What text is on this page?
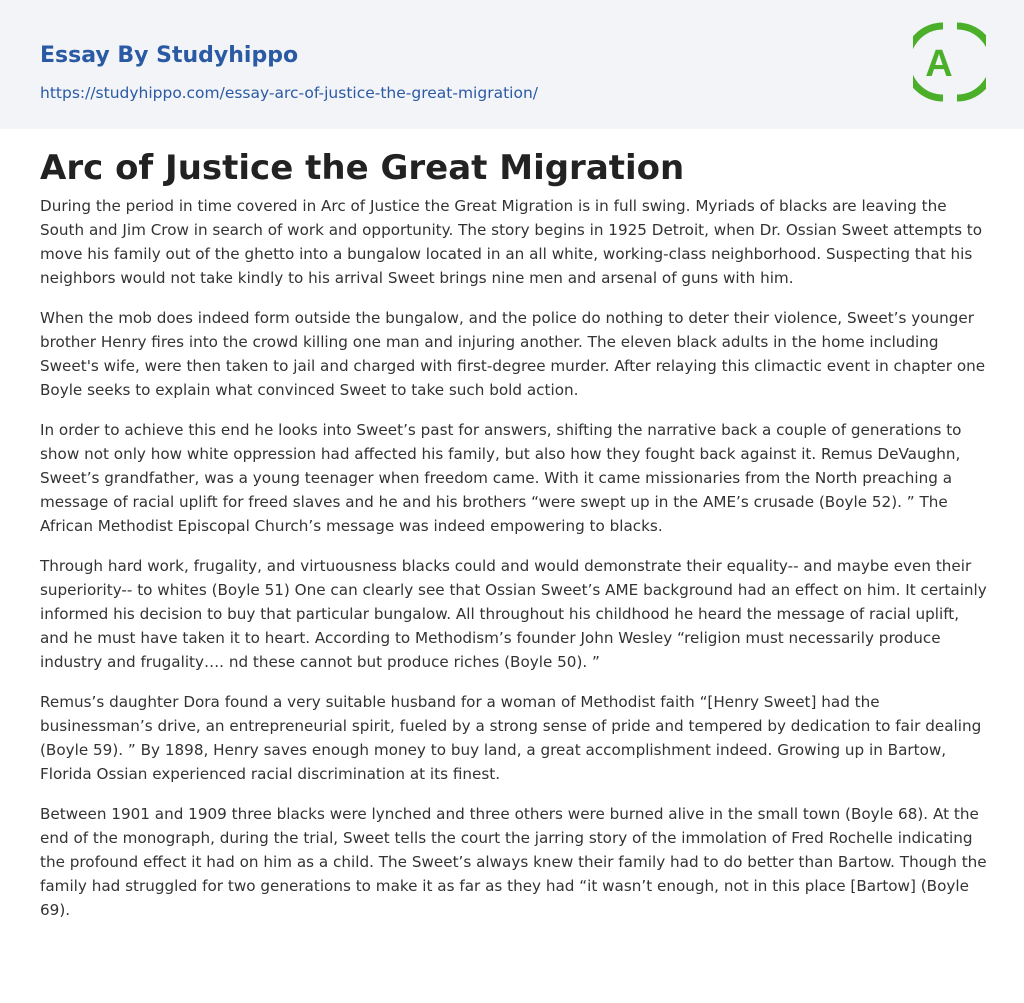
Essay By Studyhippo
https://studyhippo.com/essay-arc-of-justice-the-great-migration/
A
Arc of Justice the Great Migration

During the period in time covered in Arc of Justice the Great Migration is in full swing. Myriads of blacks are leaving the South and Jim Crow in search of work and opportunity. The story begins in 1925 Detroit, when Dr. Ossian Sweet attempts to move his family out of the ghetto into a bungalow located in an all white, working-class neighborhood. Suspecting that his neighbors would not take kindly to his arrival Sweet brings nine men and arsenal of guns with him.

When the mob does indeed form outside the bungalow, and the police do nothing to deter their violence, Sweet’s younger brother Henry fires into the crowd killing one man and injuring another. The eleven black adults in the home including Sweet's wife, were then taken to jail and charged with first-degree murder. After relaying this climactic event in chapter one Boyle seeks to explain what convinced Sweet to take such bold action.

In order to achieve this end he looks into Sweet’s past for answers, shifting the narrative back a couple of generations to show not only how white oppression had affected his family, but also how they fought back against it. Remus DeVaughn, Sweet’s grandfather, was a young teenager when freedom came. With it came missionaries from the North preaching a message of racial uplift for freed slaves and he and his brothers “were swept up in the AME’s crusade (Boyle 52). ” The African Methodist Episcopal Church’s message was indeed empowering to blacks.

Through hard work, frugality, and virtuousness blacks could and would demonstrate their equality-- and maybe even their superiority-- to whites (Boyle 51) One can clearly see that Ossian Sweet’s AME background had an effect on him. It certainly informed his decision to buy that particular bungalow. All throughout his childhood he heard the message of racial uplift, and he must have taken it to heart. According to Methodism’s founder John Wesley “religion must necessarily produce industry and frugality…. nd these cannot but produce riches (Boyle 50). ”

Remus’s daughter Dora found a very suitable husband for a woman of Methodist faith “[Henry Sweet] had the businessman’s drive, an entrepreneurial spirit, fueled by a strong sense of pride and tempered by dedication to fair dealing (Boyle 59). ” By 1898, Henry saves enough money to buy land, a great accomplishment indeed. Growing up in Bartow, Florida Ossian experienced racial discrimination at its finest.

Between 1901 and 1909 three blacks were lynched and three others were burned alive in the small town (Boyle 68). At the end of the monograph, during the trial, Sweet tells the court the jarring story of the immolation of Fred Rochelle indicating the profound effect it had on him as a child. The Sweet’s always knew their family had to do better than Bartow. Though the family had struggled for two generations to make it as far as they had “it wasn’t enough, not in this place [Bartow] (Boyle 69).
